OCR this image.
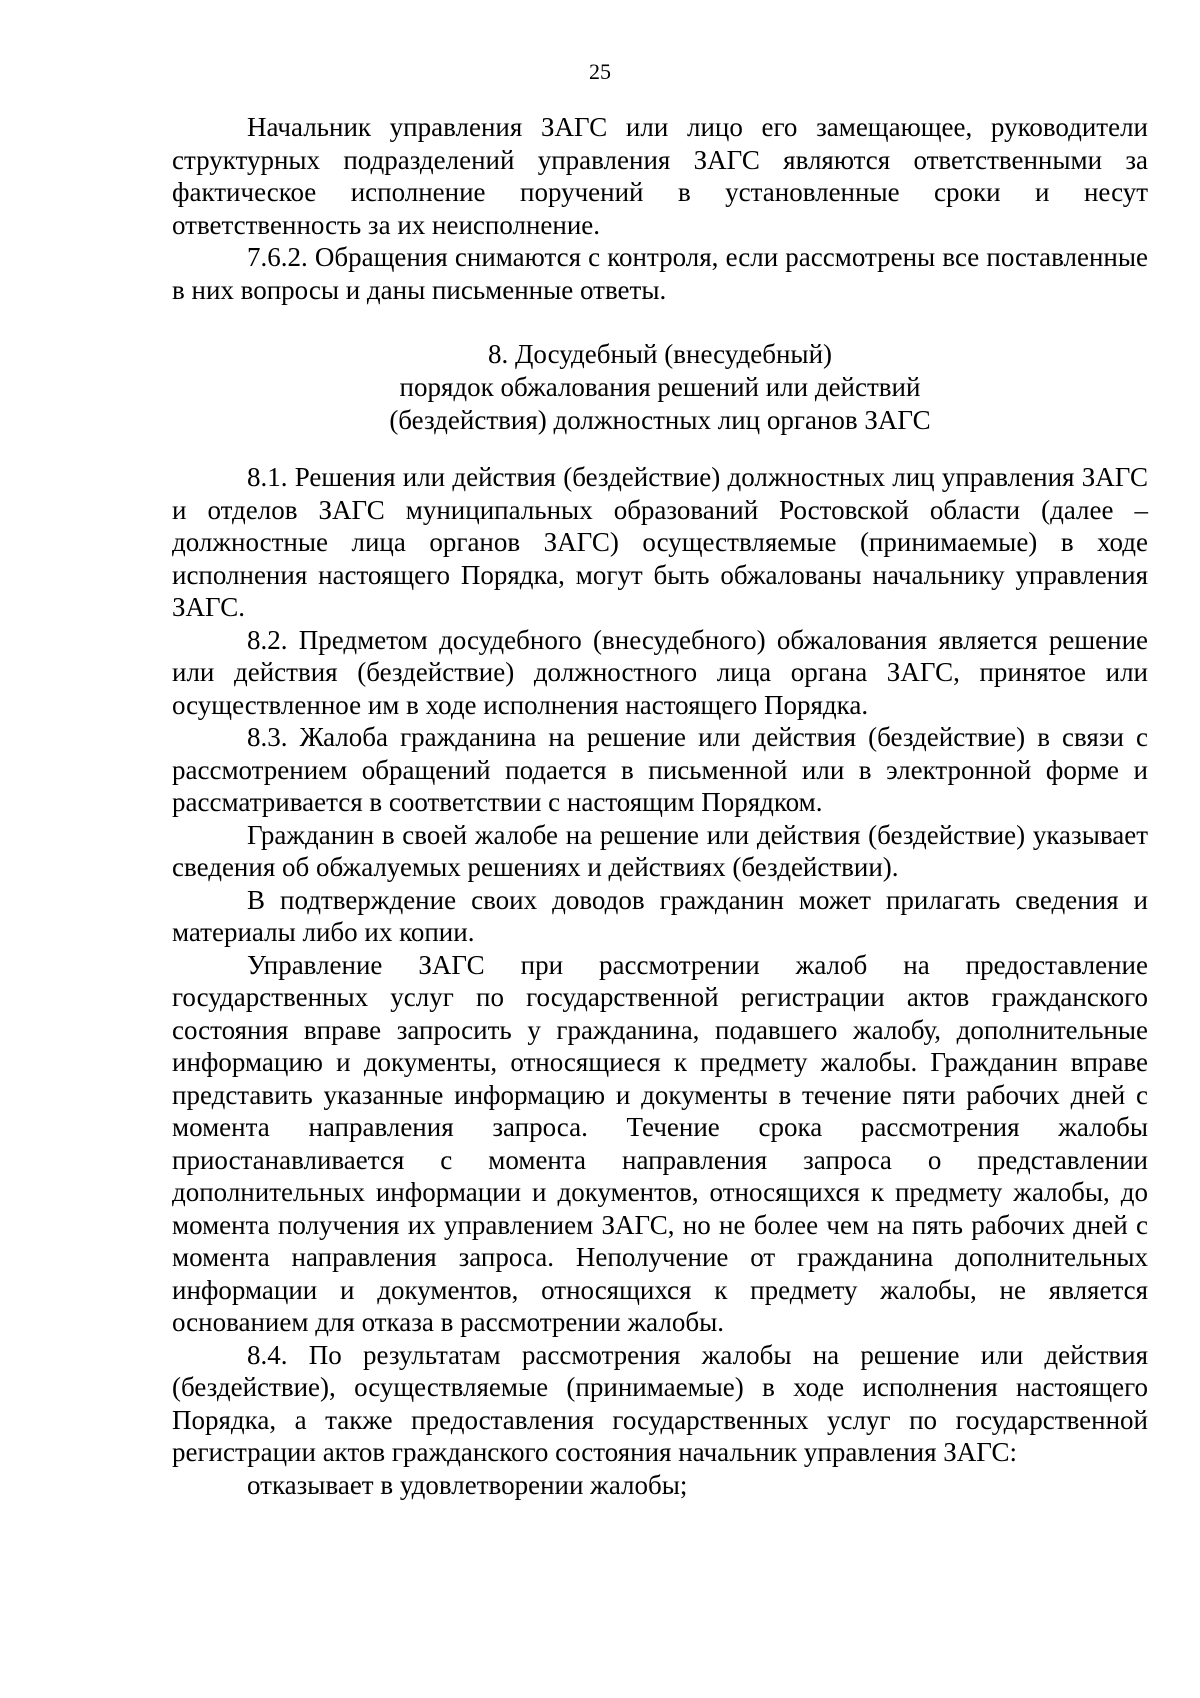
25

Начальник управления ЗАГС или лицо его замещающее, руководители структурных подразделений управления ЗАГС являются ответственными за фактическое исполнение поручений в установленные сроки и несут ответственность за их неисполнение.

7.6.2. Обращения снимаются с контроля, если рассмотрены все поставленные в них вопросы и даны письменные ответы.

8. Досудебный (внесудебный)
порядок обжалования решений или действий
(бездействия) должностных лиц органов ЗАГС

8.1. Решения или действия (бездействие) должностных лиц управления ЗАГС и отделов ЗАГС муниципальных образований Ростовской области (далее – должностные лица органов ЗАГС) осуществляемые (принимаемые) в ходе исполнения настоящего Порядка, могут быть обжалованы начальнику управления ЗАГС.

8.2. Предметом досудебного (внесудебного) обжалования является решение или действия (бездействие) должностного лица органа ЗАГС, принятое или осуществленное им в ходе исполнения настоящего Порядка.

8.3. Жалоба гражданина на решение или действия (бездействие) в связи с рассмотрением обращений подается в письменной или в электронной форме и рассматривается в соответствии с настоящим Порядком.

Гражданин в своей жалобе на решение или действия (бездействие) указывает сведения об обжалуемых решениях и действиях (бездействии).

В подтверждение своих доводов гражданин может прилагать сведения и материалы либо их копии.

Управление ЗАГС при рассмотрении жалоб на предоставление государственных услуг по государственной регистрации актов гражданского состояния вправе запросить у гражданина, подавшего жалобу, дополнительные информацию и документы, относящиеся к предмету жалобы. Гражданин вправе представить указанные информацию и документы в течение пяти рабочих дней с момента направления запроса. Течение срока рассмотрения жалобы приостанавливается с момента направления запроса о представлении дополнительных информации и документов, относящихся к предмету жалобы, до момента получения их управлением ЗАГС, но не более чем на пять рабочих дней с момента направления запроса. Неполучение от гражданина дополнительных информации и документов, относящихся к предмету жалобы, не является основанием для отказа в рассмотрении жалобы.

8.4. По результатам рассмотрения жалобы на решение или действия (бездействие), осуществляемые (принимаемые) в ходе исполнения настоящего Порядка, а также предоставления государственных услуг по государственной регистрации актов гражданского состояния начальник управления ЗАГС:

отказывает в удовлетворении жалобы;
